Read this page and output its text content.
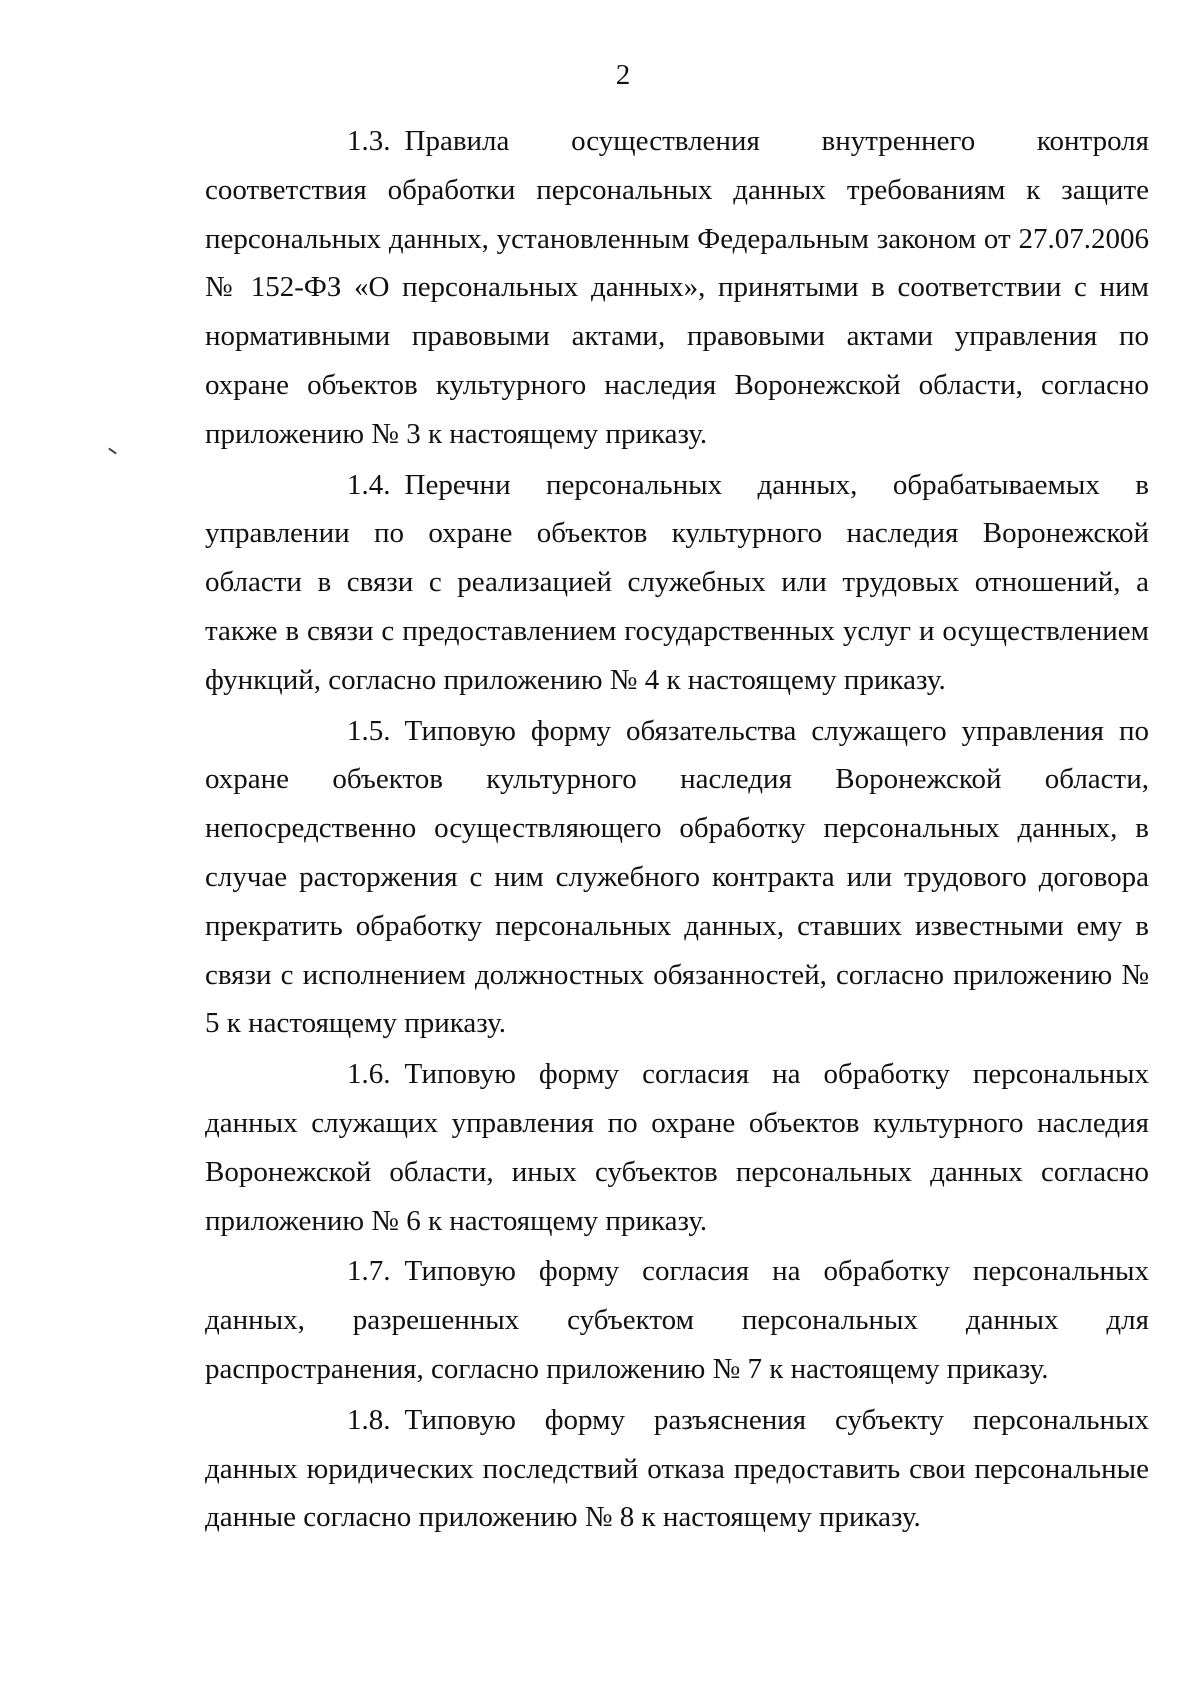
2

1.3. Правила осуществления внутреннего контроля соответствия обработки персональных данных требованиям к защите персональных данных, установленным Федеральным законом от 27.07.2006 № 152-ФЗ «О персональных данных», принятыми в соответствии с ним нормативными правовыми актами, правовыми актами управления по охране объектов культурного наследия Воронежской области, согласно приложению № 3 к настоящему приказу.

1.4. Перечни персональных данных, обрабатываемых в управлении по охране объектов культурного наследия Воронежской области в связи с реализацией служебных или трудовых отношений, а также в связи с предоставлением государственных услуг и осуществлением функций, согласно приложению № 4 к настоящему приказу.

1.5. Типовую форму обязательства служащего управления по охране объектов культурного наследия Воронежской области, непосредственно осуществляющего обработку персональных данных, в случае расторжения с ним служебного контракта или трудового договора прекратить обработку персональных данных, ставших известными ему в связи с исполнением должностных обязанностей, согласно приложению № 5 к настоящему приказу.

1.6. Типовую форму согласия на обработку персональных данных служащих управления по охране объектов культурного наследия Воронежской области, иных субъектов персональных данных согласно приложению № 6 к настоящему приказу.

1.7. Типовую форму согласия на обработку персональных данных, разрешенных субъектом персональных данных для распространения, согласно приложению № 7 к настоящему приказу.

1.8. Типовую форму разъяснения субъекту персональных данных юридических последствий отказа предоставить свои персональные данные согласно приложению № 8 к настоящему приказу.
